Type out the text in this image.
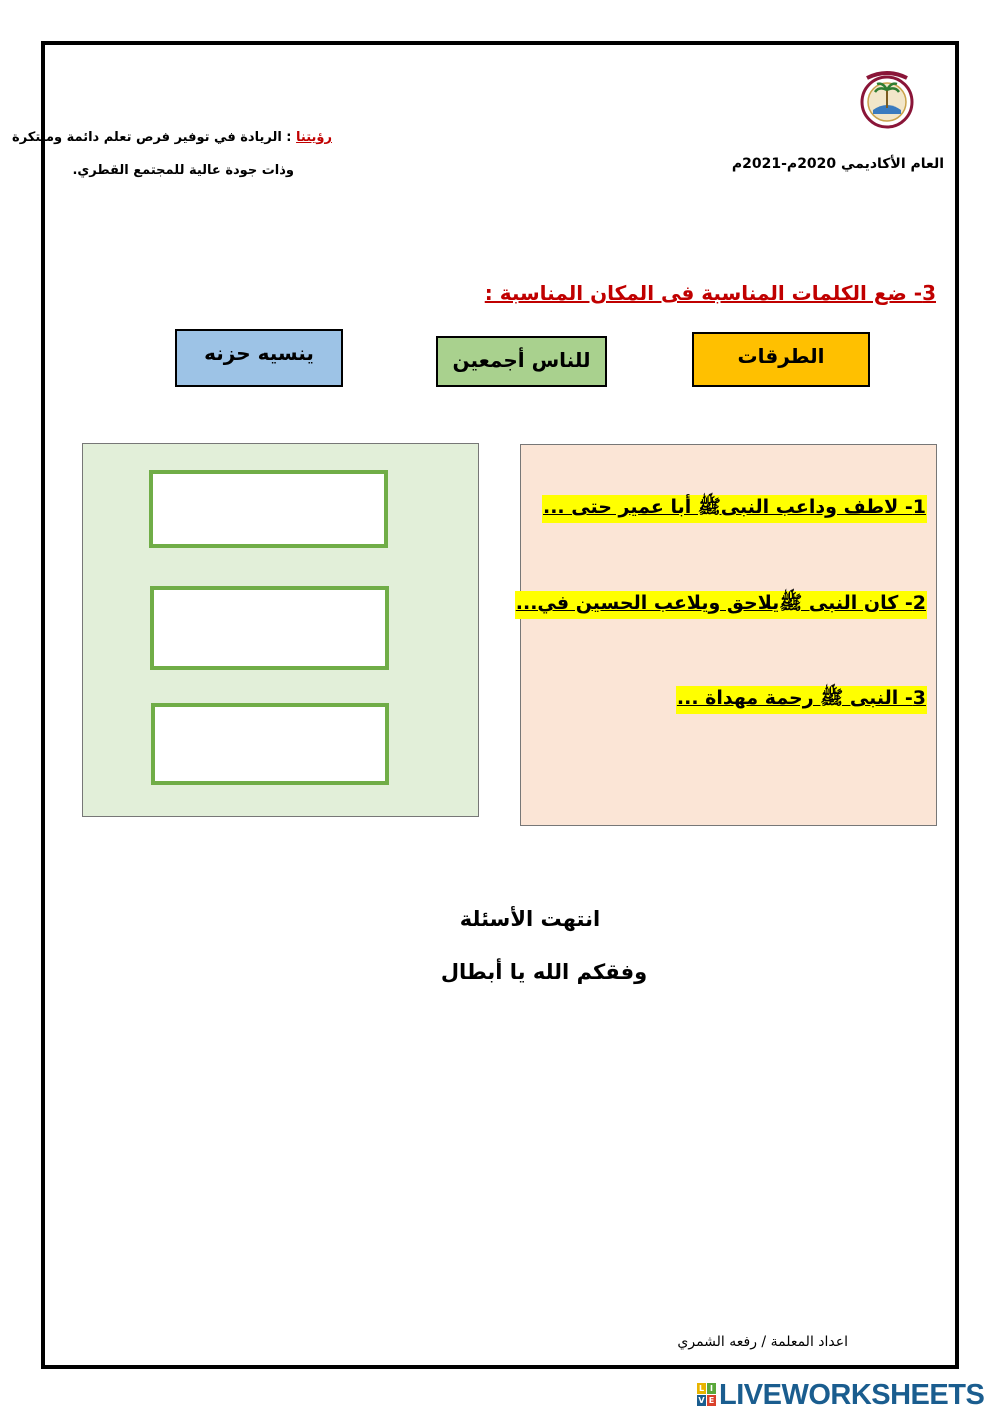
رؤيتنا : الريادة في توفير فرص تعلم دائمة ومبتكرة
وذات جودة عالية للمجتمع القطري.	العام الأكاديمي 2020م-2021م
3- ضع الكلمات المناسبة فى المكان المناسبة :
الطرقات
للناس أجمعين
ينسيه حزنه
1- لاطف وداعب النبىﷺ أبا عمير حتى ...
2- كان النبى ﷺيلاحق ويلاعب الحسين في...
3- النبى ﷺ رحمة مهداة ...
انتهت الأسئلة
وفقكم الله يا أبطال
اعداد المعلمة / رفعه الشمري
L I
V E LIVEWORKSHEETS
